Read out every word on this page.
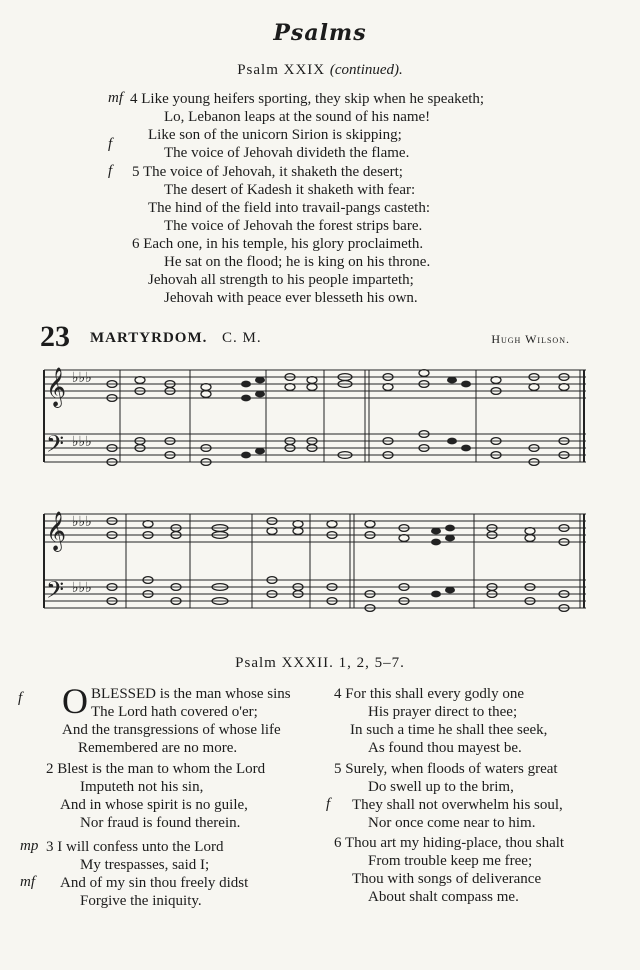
Psalms
Psalm XXIX (continued).
mf 4 Like young heifers sporting, they skip when he speaketh;
Lo, Lebanon leaps at the sound of his name!
Like son of the unicorn Sirion is skipping;
The voice of Jehovah divideth the flame.
f
f 5 The voice of Jehovah, it shaketh the desert;
The desert of Kadesh it shaketh with fear:
The hind of the field into travail-pangs casteth:
The voice of Jehovah the forest strips bare.
6 Each one, in his temple, his glory proclaimeth.
He sat on the flood; he is king on his throne.
Jehovah all strength to his people imparteth;
Jehovah with peace ever blesseth his own.
23 MARTYRDOM. C. M.	Hugh Wilson.
𝄞
𝄢
♭♭♭
♭♭♭
𝄞
𝄢
♭♭♭
♭♭♭
Psalm XXXII. 1, 2, 5–7.
f O BLESSED is the man whose sins
The Lord hath covered o'er;
And the transgressions of whose life
Remembered are no more.
2 Blest is the man to whom the Lord
Imputeth not his sin,
And in whose spirit is no guile,
Nor fraud is found therein.
mp 3 I will confess unto the Lord
My trespasses, said I;
And of my sin thou freely didst
Forgive the iniquity.
mf
4 For this shall every godly one
His prayer direct to thee;
In such a time he shall thee seek,
As found thou mayest be.
5 Surely, when floods of waters great
Do swell up to the brim,
They shall not overwhelm his soul,
Nor once come near to him.
f
6 Thou art my hiding-place, thou shalt
From trouble keep me free;
Thou with songs of deliverance
About shalt compass me.
